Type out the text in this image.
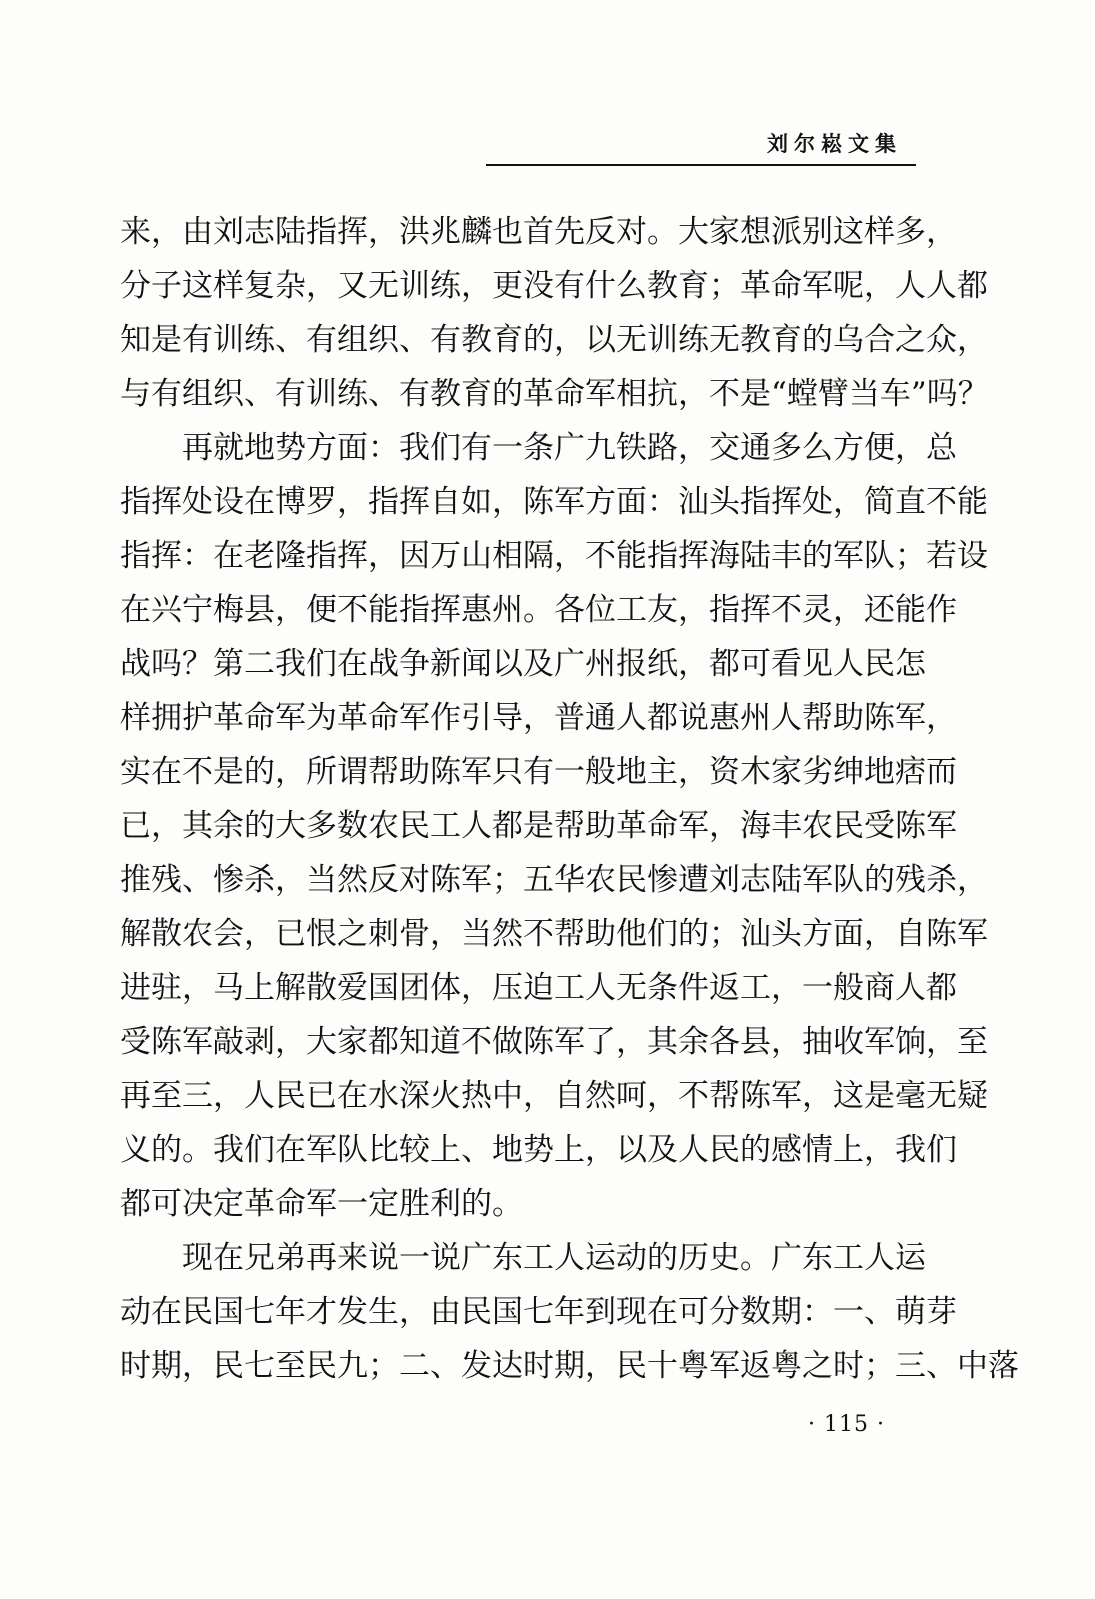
刘尔崧文集
来，由刘志陆指挥，洪兆麟也首先反对。大家想派别这样多，
分子这样复杂，又无训练，更没有什么教育；革命军呢，人人都
知是有训练、有组织、有教育的，以无训练无教育的乌合之众，
与有组织、有训练、有教育的革命军相抗，不是“螳臂当车”吗？
　　再就地势方面：我们有一条广九铁路，交通多么方便，总
指挥处设在博罗，指挥自如，陈军方面：汕头指挥处，简直不能
指挥：在老隆指挥，因万山相隔，不能指挥海陆丰的军队；若设
在兴宁梅县，便不能指挥惠州。各位工友，指挥不灵，还能作
战吗？第二我们在战争新闻以及广州报纸，都可看见人民怎
样拥护革命军为革命军作引导，普通人都说惠州人帮助陈军，
实在不是的，所谓帮助陈军只有一般地主，资木家劣绅地痞而
已，其余的大多数农民工人都是帮助革命军，海丰农民受陈军
推残、惨杀，当然反对陈军；五华农民惨遭刘志陆军队的残杀，
解散农会，已恨之刺骨，当然不帮助他们的；汕头方面，自陈军
进驻，马上解散爱国团体，压迫工人无条件返工，一般商人都
受陈军敲剥，大家都知道不做陈军了，其余各县，抽收军饷，至
再至三，人民已在水深火热中，自然呵，不帮陈军，这是毫无疑
义的。我们在军队比较上、地势上，以及人民的感情上，我们
都可决定革命军一定胜利的。
　　现在兄弟再来说一说广东工人运动的历史。广东工人运
动在民国七年才发生，由民国七年到现在可分数期：一、萌芽
时期，民七至民九；二、发达时期，民十粤军返粤之时；三、中落
· 115 ·
